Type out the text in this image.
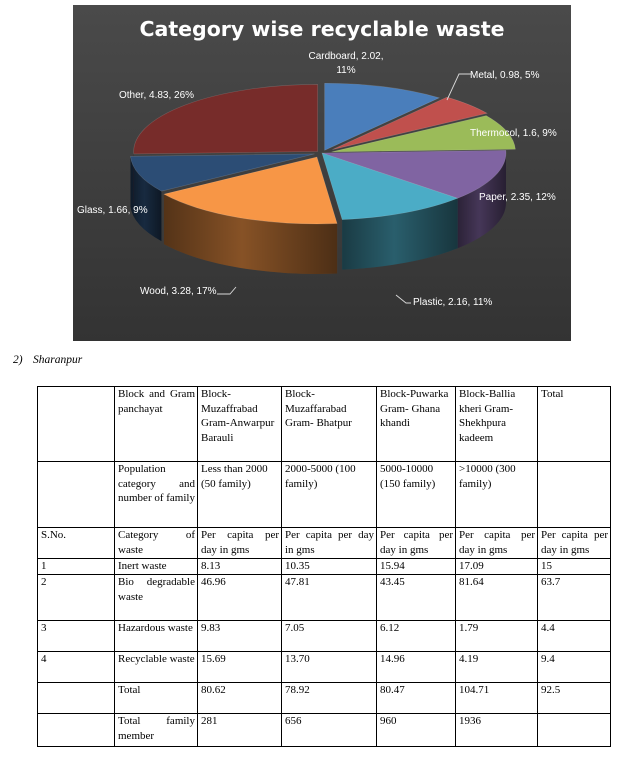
Category wise recyclable waste
Cardboard, 2.02, 11%	Metal, 0.98, 5%
Thermocol, 1.6, 9%
Paper, 2.35, 12%
Plastic, 2.16, 11%
Wood, 3.28, 17%
Glass, 1.66, 9%
Other, 4.83, 26%
2) Sharanpur
	Block and Gram panchayat	Block-Muzaffrabad Gram-Anwarpur Barauli	Block-Muzaffarabad Gram- Bhatpur	Block-Puwarka Gram- Ghana khandi	Block-Ballia kheri Gram-Shekhpura kadeem	Total
	Population category and number of family	Less than 2000 (50 family)	2000-5000 (100 family)	5000-10000 (150 family)	>10000 (300 family)	
S.No.	Category of waste	Per capita per day in gms	Per capita per day in gms	Per capita per day in gms	Per capita per day in gms	Per capita per day in gms
1	Inert waste	8.13	10.35	15.94	17.09	15
2	Bio degradable waste	46.96	47.81	43.45	81.64	63.7
3	Hazardous waste	9.83	7.05	6.12	1.79	4.4
4	Recyclable waste	15.69	13.70	14.96	4.19	9.4
	Total	80.62	78.92	80.47	104.71	92.5
	Total family member	281	656	960	1936	
